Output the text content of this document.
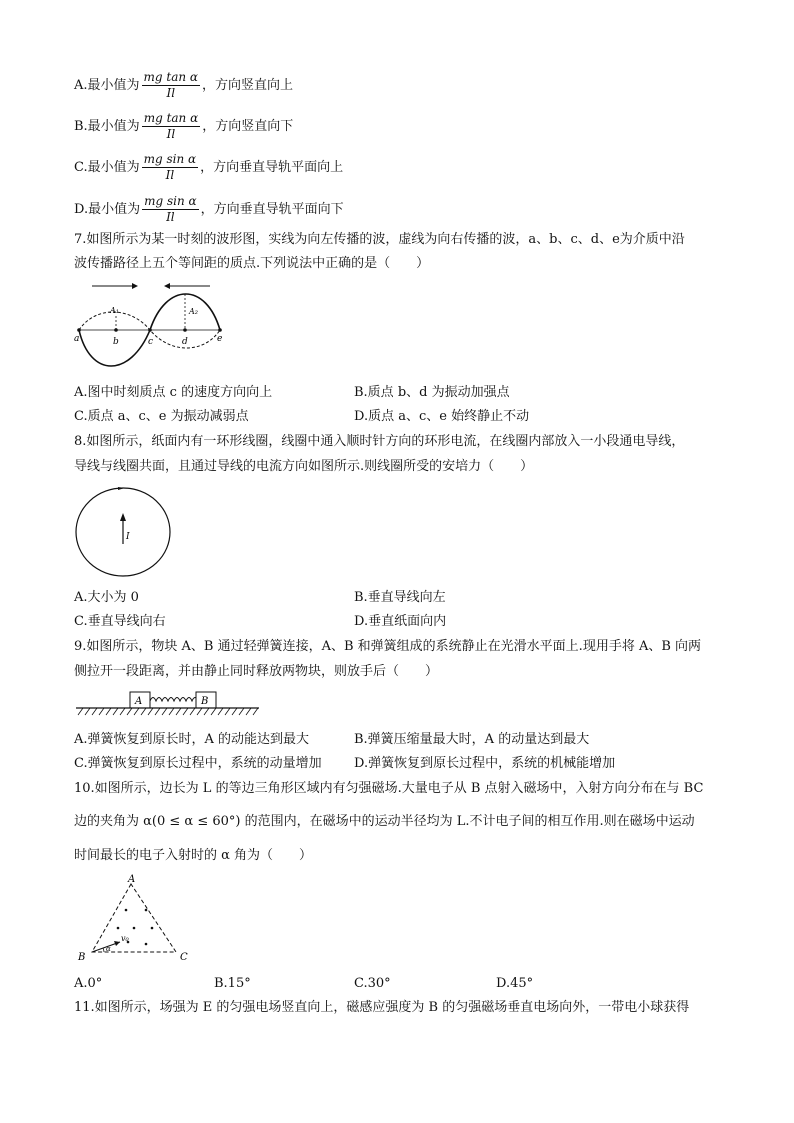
A.最小值为 $\frac{\text{mg tan α}}{Il}$ ，方向竖直向上
B.最小值为 $\frac{\text{mg tan α}}{Il}$ ，方向竖直向下
C.最小值为 $\frac{\text{mg sin α}}{Il}$ ，方向垂直导轨平面向上
D.最小值为 $\frac{\text{mg sin α}}{Il}$ ，方向垂直导轨平面向下
7.如图所示为某一时刻的波形图，实线为向左传播的波，虚线为向右传播的波，a、b、c、d、e为介质中沿
波传播路径上五个等间距的质点.下列说法中正确的是（　　）
a	b	c	d	e
A₁	A₂
A.图中时刻质点 c 的速度方向向上	B.质点 b、d 为振动加强点
C.质点 a、c、e 为振动减弱点	D.质点 a、c、e 始终静止不动
8.如图所示，纸面内有一环形线圈，线圈中通入顺时针方向的环形电流，在线圈内部放入一小段通电导线，
导线与线圈共面，且通过导线的电流方向如图所示.则线圈所受的安培力（　　）
I
A.大小为 0	B.垂直导线向左
C.垂直导线向右	D.垂直纸面向内
9.如图所示，物块 A、B 通过轻弹簧连接，A、B 和弹簧组成的系统静止在光滑水平面上.现用手将 A、B 向两
侧拉开一段距离，并由静止同时释放两物块，则放手后（　　）
A	B
A.弹簧恢复到原长时，A 的动能达到最大	B.弹簧压缩量最大时，A 的动量达到最大
C.弹簧恢复到原长过程中，系统的动量增加 D.弹簧恢复到原长过程中，系统的机械能增加
10.如图所示，边长为 L 的等边三角形区域内有匀强磁场.大量电子从 B 点射入磁场中，入射方向分布在与 BC
边的夹角为 α(0 ≤ α ≤ 60°) 的范围内，在磁场中的运动半径均为 L.不计电子间的相互作用.则在磁场中运动
时间最长的电子入射时的 α 角为（　　）
A
B	C
v₀
α
A.0°	B.15°	C.30°	D.45°
11.如图所示，场强为 E 的匀强电场竖直向上，磁感应强度为 B 的匀强磁场垂直电场向外，一带电小球获得
